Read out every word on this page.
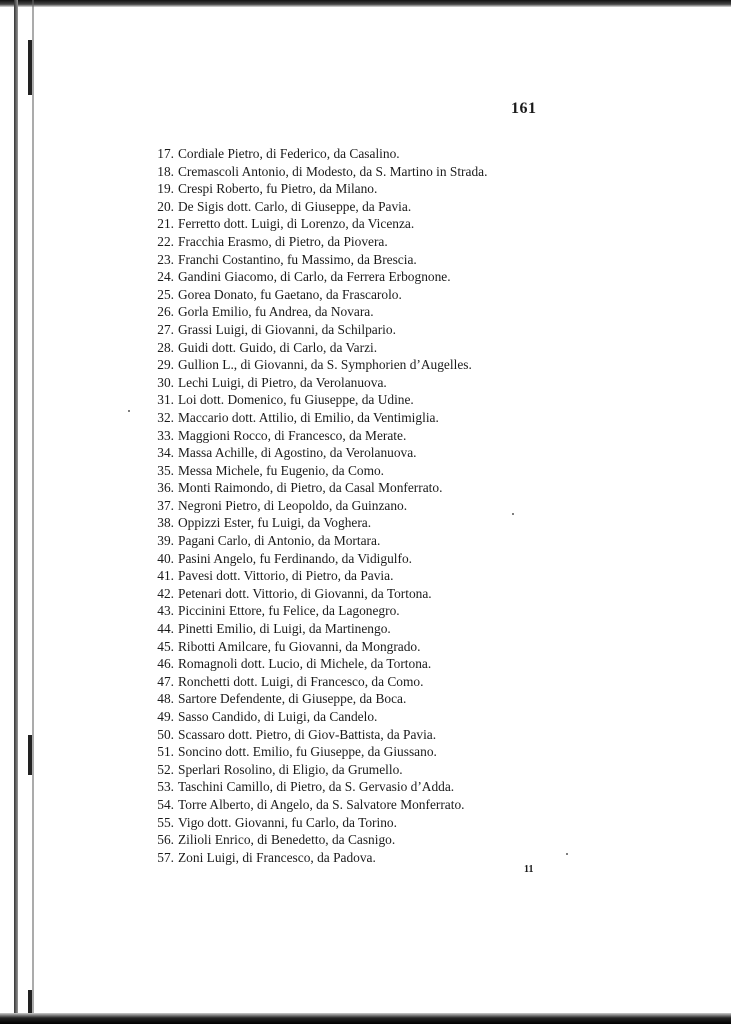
161
17. Cordiale Pietro, di Federico, da Casalino.
18. Cremascoli Antonio, di Modesto, da S. Martino in Strada.
19. Crespi Roberto, fu Pietro, da Milano.
20. De Sigis dott. Carlo, di Giuseppe, da Pavia.
21. Ferretto dott. Luigi, di Lorenzo, da Vicenza.
22. Fracchia Erasmo, di Pietro, da Piovera.
23. Franchi Costantino, fu Massimo, da Brescia.
24. Gandini Giacomo, di Carlo, da Ferrera Erbognone.
25. Gorea Donato, fu Gaetano, da Frascarolo.
26. Gorla Emilio, fu Andrea, da Novara.
27. Grassi Luigi, di Giovanni, da Schilpario.
28. Guidi dott. Guido, di Carlo, da Varzi.
29. Gullion L., di Giovanni, da S. Symphorien d’Augelles.
30. Lechi Luigi, di Pietro, da Verolanuova.
31. Loi dott. Domenico, fu Giuseppe, da Udine.
32. Maccario dott. Attilio, di Emilio, da Ventimiglia.
33. Maggioni Rocco, di Francesco, da Merate.
34. Massa Achille, di Agostino, da Verolanuova.
35. Messa Michele, fu Eugenio, da Como.
36. Monti Raimondo, di Pietro, da Casal Monferrato.
37. Negroni Pietro, di Leopoldo, da Guinzano.
38. Oppizzi Ester, fu Luigi, da Voghera.
39. Pagani Carlo, di Antonio, da Mortara.
40. Pasini Angelo, fu Ferdinando, da Vidigulfo.
41. Pavesi dott. Vittorio, di Pietro, da Pavia.
42. Petenari dott. Vittorio, di Giovanni, da Tortona.
43. Piccinini Ettore, fu Felice, da Lagonegro.
44. Pinetti Emilio, di Luigi, da Martinengo.
45. Ribotti Amilcare, fu Giovanni, da Mongrado.
46. Romagnoli dott. Lucio, di Michele, da Tortona.
47. Ronchetti dott. Luigi, di Francesco, da Como.
48. Sartore Defendente, di Giuseppe, da Boca.
49. Sasso Candido, di Luigi, da Candelo.
50. Scassaro dott. Pietro, di Giov-Battista, da Pavia.
51. Soncino dott. Emilio, fu Giuseppe, da Giussano.
52. Sperlari Rosolino, di Eligio, da Grumello.
53. Taschini Camillo, di Pietro, da S. Gervasio d’Adda.
54. Torre Alberto, di Angelo, da S. Salvatore Monferrato.
55. Vigo dott. Giovanni, fu Carlo, da Torino.
56. Zilioli Enrico, di Benedetto, da Casnigo.
57. Zoni Luigi, di Francesco, da Padova.
11
